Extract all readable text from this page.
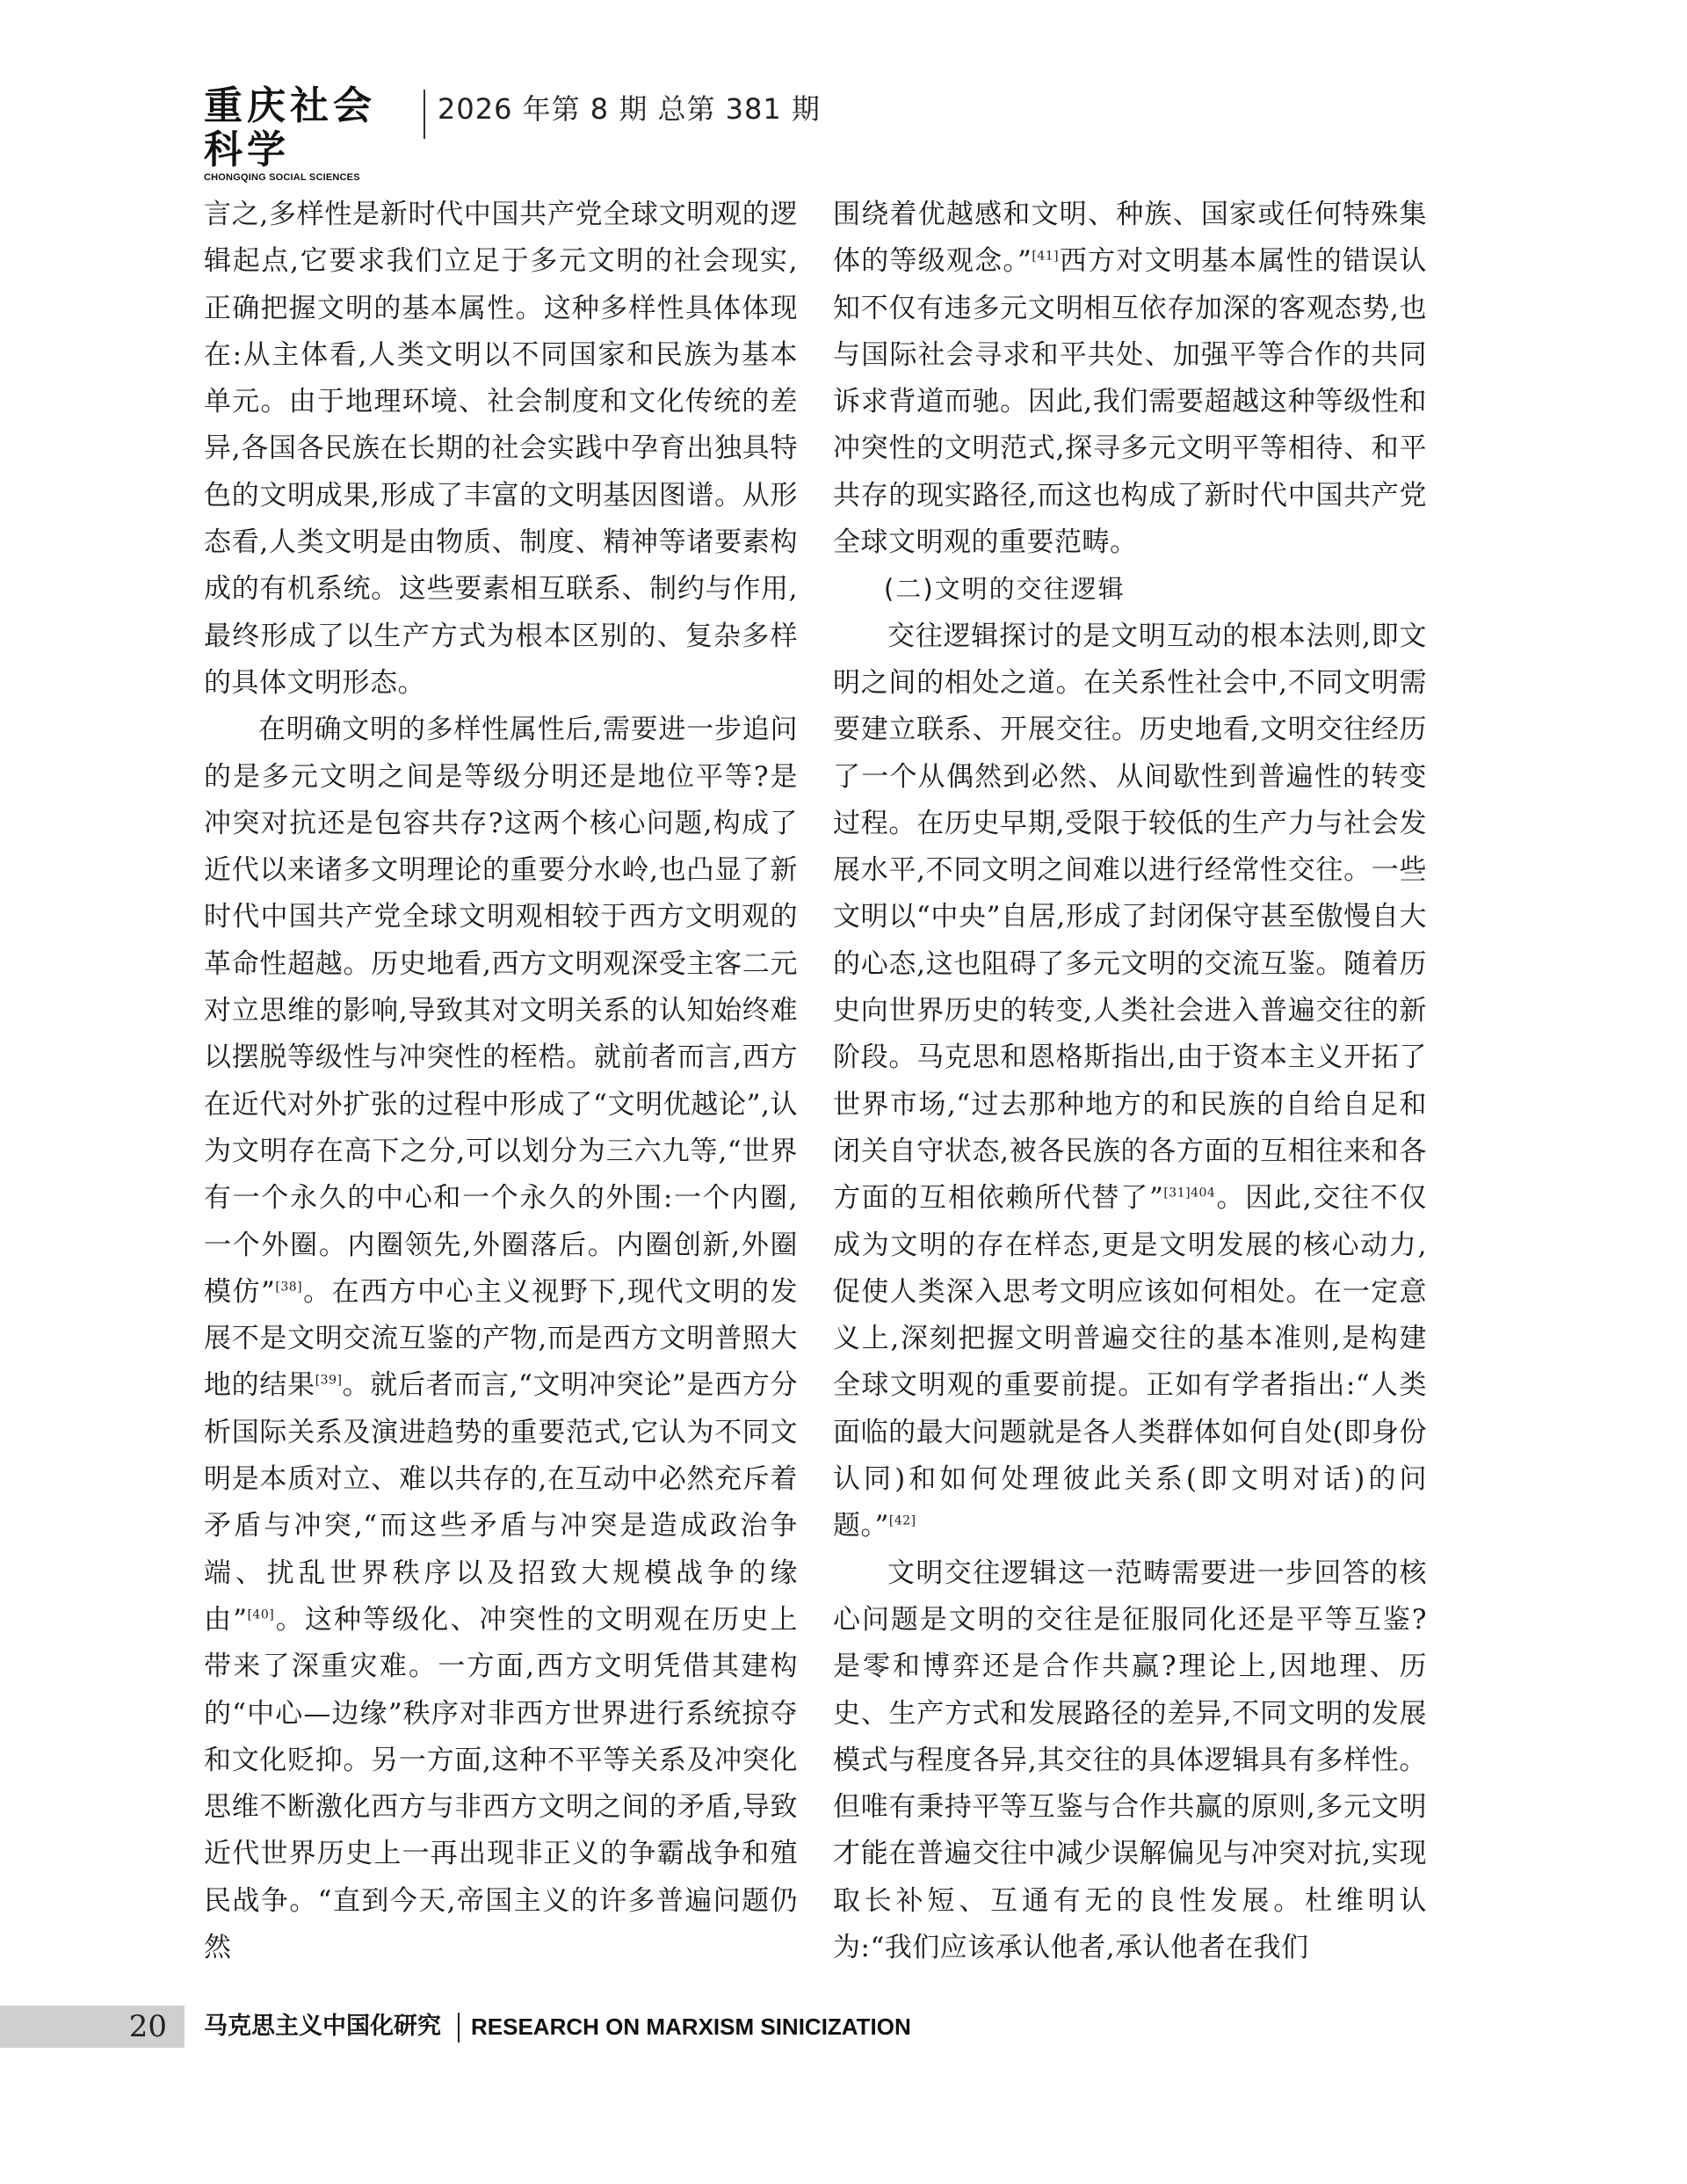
重庆社会科学
CHONGQING SOCIAL SCIENCES
2026 年第 8 期 总第 381 期

言之,多样性是新时代中国共产党全球文明观的逻辑起点,它要求我们立足于多元文明的社会现实,正确把握文明的基本属性。这种多样性具体体现在:从主体看,人类文明以不同国家和民族为基本单元。由于地理环境、社会制度和文化传统的差异,各国各民族在长期的社会实践中孕育出独具特色的文明成果,形成了丰富的文明基因图谱。从形态看,人类文明是由物质、制度、精神等诸要素构成的有机系统。这些要素相互联系、制约与作用,最终形成了以生产方式为根本区别的、复杂多样的具体文明形态。

在明确文明的多样性属性后,需要进一步追问的是多元文明之间是等级分明还是地位平等?是冲突对抗还是包容共存?这两个核心问题,构成了近代以来诸多文明理论的重要分水岭,也凸显了新时代中国共产党全球文明观相较于西方文明观的革命性超越。历史地看,西方文明观深受主客二元对立思维的影响,导致其对文明关系的认知始终难以摆脱等级性与冲突性的桎梏。就前者而言,西方在近代对外扩张的过程中形成了“文明优越论”,认为文明存在高下之分,可以划分为三六九等,“世界有一个永久的中心和一个永久的外围:一个内圈,一个外圈。内圈领先,外圈落后。内圈创新,外圈模仿”[38]。在西方中心主义视野下,现代文明的发展不是文明交流互鉴的产物,而是西方文明普照大地的结果[39]。就后者而言,“文明冲突论”是西方分析国际关系及演进趋势的重要范式,它认为不同文明是本质对立、难以共存的,在互动中必然充斥着矛盾与冲突,“而这些矛盾与冲突是造成政治争端、扰乱世界秩序以及招致大规模战争的缘由”[40]。这种等级化、冲突性的文明观在历史上带来了深重灾难。一方面,西方文明凭借其建构的“中心—边缘”秩序对非西方世界进行系统掠夺和文化贬抑。另一方面,这种不平等关系及冲突化思维不断激化西方与非西方文明之间的矛盾,导致近代世界历史上一再出现非正义的争霸战争和殖民战争。“直到今天,帝国主义的许多普遍问题仍然

围绕着优越感和文明、种族、国家或任何特殊集体的等级观念。”[41]西方对文明基本属性的错误认知不仅有违多元文明相互依存加深的客观态势,也与国际社会寻求和平共处、加强平等合作的共同诉求背道而驰。因此,我们需要超越这种等级性和冲突性的文明范式,探寻多元文明平等相待、和平共存的现实路径,而这也构成了新时代中国共产党全球文明观的重要范畴。

(二)文明的交往逻辑

交往逻辑探讨的是文明互动的根本法则,即文明之间的相处之道。在关系性社会中,不同文明需要建立联系、开展交往。历史地看,文明交往经历了一个从偶然到必然、从间歇性到普遍性的转变过程。在历史早期,受限于较低的生产力与社会发展水平,不同文明之间难以进行经常性交往。一些文明以“中央”自居,形成了封闭保守甚至傲慢自大的心态,这也阻碍了多元文明的交流互鉴。随着历史向世界历史的转变,人类社会进入普遍交往的新阶段。马克思和恩格斯指出,由于资本主义开拓了世界市场,“过去那种地方的和民族的自给自足和闭关自守状态,被各民族的各方面的互相往来和各方面的互相依赖所代替了”$^{[31]404}$。因此,交往不仅成为文明的存在样态,更是文明发展的核心动力,促使人类深入思考文明应该如何相处。在一定意义上,深刻把握文明普遍交往的基本准则,是构建全球文明观的重要前提。正如有学者指出:“人类面临的最大问题就是各人类群体如何自处(即身份认同)和如何处理彼此关系(即文明对话)的问题。”[42]

文明交往逻辑这一范畴需要进一步回答的核心问题是文明的交往是征服同化还是平等互鉴?是零和博弈还是合作共赢?理论上,因地理、历史、生产方式和发展路径的差异,不同文明的发展模式与程度各异,其交往的具体逻辑具有多样性。但唯有秉持平等互鉴与合作共赢的原则,多元文明才能在普遍交往中减少误解偏见与冲突对抗,实现取长补短、互通有无的良性发展。杜维明认为:“我们应该承认他者,承认他者在我们

20 马克思主义中国化研究 RESEARCH ON MARXISM SINICIZATION
